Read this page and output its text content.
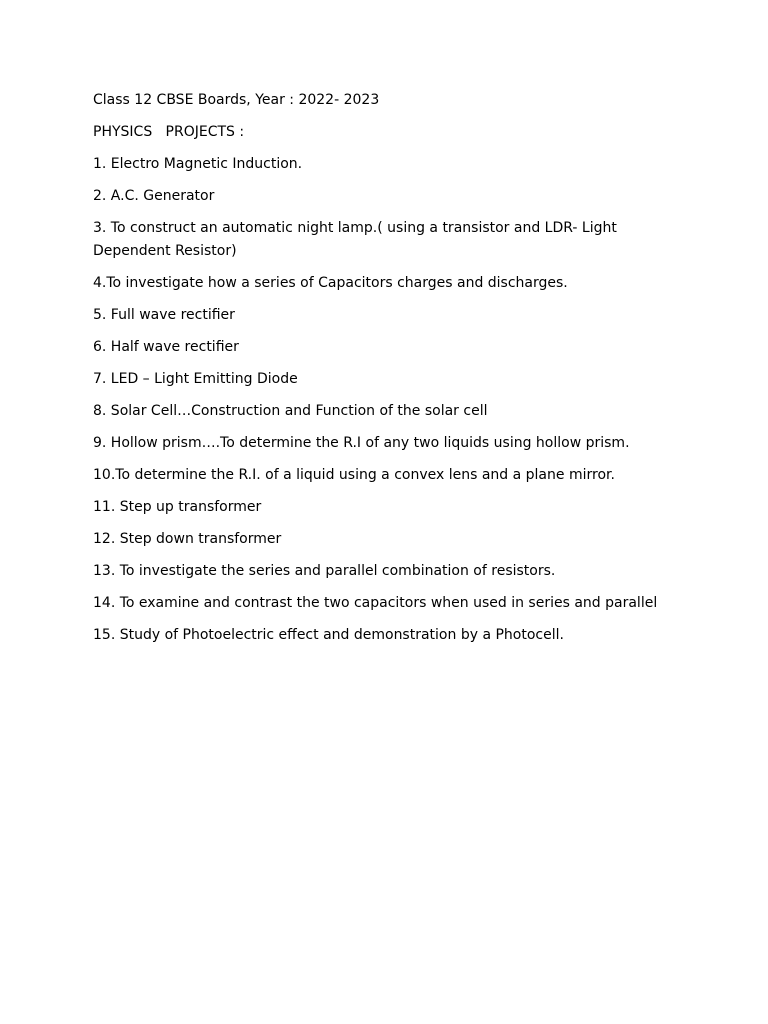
Class 12 CBSE Boards, Year : 2022- 2023

PHYSICS   PROJECTS :

1. Electro Magnetic Induction.
2. A.C. Generator
3. To construct an automatic night lamp.( using a transistor and LDR- Light Dependent Resistor)
4.To investigate how a series of Capacitors charges and discharges.
5. Full wave rectifier
6. Half wave rectifier
7. LED – Light Emitting Diode
8. Solar Cell…Construction and Function of the solar cell
9. Hollow prism….To determine the R.I of any two liquids using hollow prism.
10.To determine the R.I. of a liquid using a convex lens and a plane mirror.
11. Step up transformer
12. Step down transformer
13. To investigate the series and parallel combination of resistors.
14. To examine and contrast the two capacitors when used in series and parallel
15. Study of Photoelectric effect and demonstration by a Photocell.
